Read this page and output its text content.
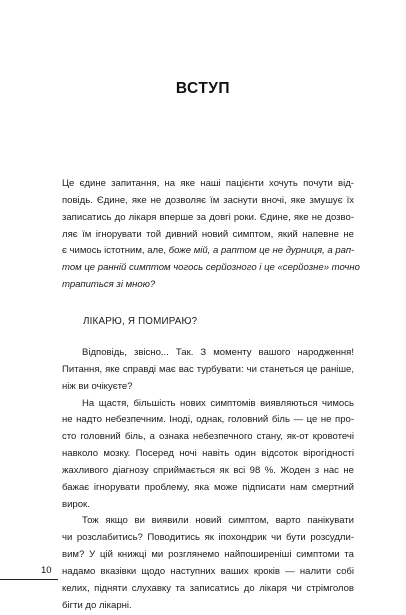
ВСТУП
Це єдине запитання, на яке наші пацієнти хочуть почути від-
повідь. Єдине, яке не дозволяє їм заснути вночі, яке змушує їх
записатись до лікаря вперше за довгі роки. Єдине, яке не дозво-
ляє їм ігнорувати той дивний новий симптом, який напевне не
є чимось істотним, але, боже мій, а раптом це не дурниця, а рап-
том це ранній симптом чогось серйозного і це «серйозне» точно
трапиться зі мною?
ЛІКАРЮ, Я ПОМИРАЮ?
Відповідь, звісно... Так. З моменту вашого народження!
Питання, яке справді має вас турбувати: чи станеться це раніше,
ніж ви очікуєте?
На щастя, більшість нових симптомів виявляються чимось
не надто небезпечним. Іноді, однак, головний біль — це не про-
сто головний біль, а ознака небезпечного стану, як-от кровотечі
навколо мозку. Посеред ночі навіть один відсоток вірогідності
жахливого діагнозу сприймається як всі 98 %. Жоден з нас не
бажає ігнорувати проблему, яка може підписати нам смертний
вирок.
Тож якщо ви виявили новий симптом, варто панікувати
чи розслабитись? Поводитись як іпохондрик чи бути розсудли-
вим? У цій книжці ми розглянемо найпоширеніші симптоми та
надамо вказівки щодо наступних ваших кроків — налити собі
келих, підняти слухавку та записатись до лікаря чи стрімголов
бігти до лікарні.
10
